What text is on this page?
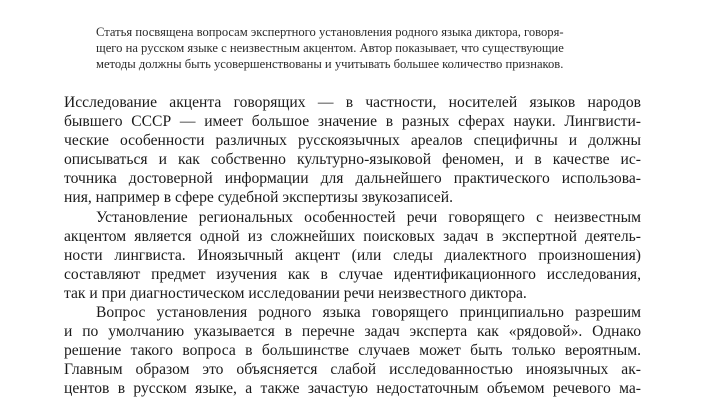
Статья посвящена вопросам экспертного установления родного языка диктора, говоря-
щего на русском языке с неизвестным акцентом. Автор показывает, что существующие
методы должны быть усовершенствованы и учитывать большее количество признаков.
Исследование акцента говорящих — в частности, носителей языков народов
бывшего СССР — имеет большое значение в разных сферах науки. Лингвисти-
ческие особенности различных русскоязычных ареалов специфичны и должны
описываться и как собственно культурно-языковой феномен, и в качестве ис-
точника достоверной информации для дальнейшего практического использова-
ния, например в сфере судебной экспертизы звукозаписей.
Установление региональных особенностей речи говорящего с неизвестным
акцентом является одной из сложнейших поисковых задач в экспертной деятель-
ности лингвиста. Иноязычный акцент (или следы диалектного произношения)
составляют предмет изучения как в случае идентификационного исследования,
так и при диагностическом исследовании речи неизвестного диктора.
Вопрос установления родного языка говорящего принципиально разрешим
и по умолчанию указывается в перечне задач эксперта как «рядовой». Однако
решение такого вопроса в большинстве случаев может быть только вероятным.
Главным образом это объясняется слабой исследованностью иноязычных ак-
центов в русском языке, а также зачастую недостаточным объемом речевого ма-
